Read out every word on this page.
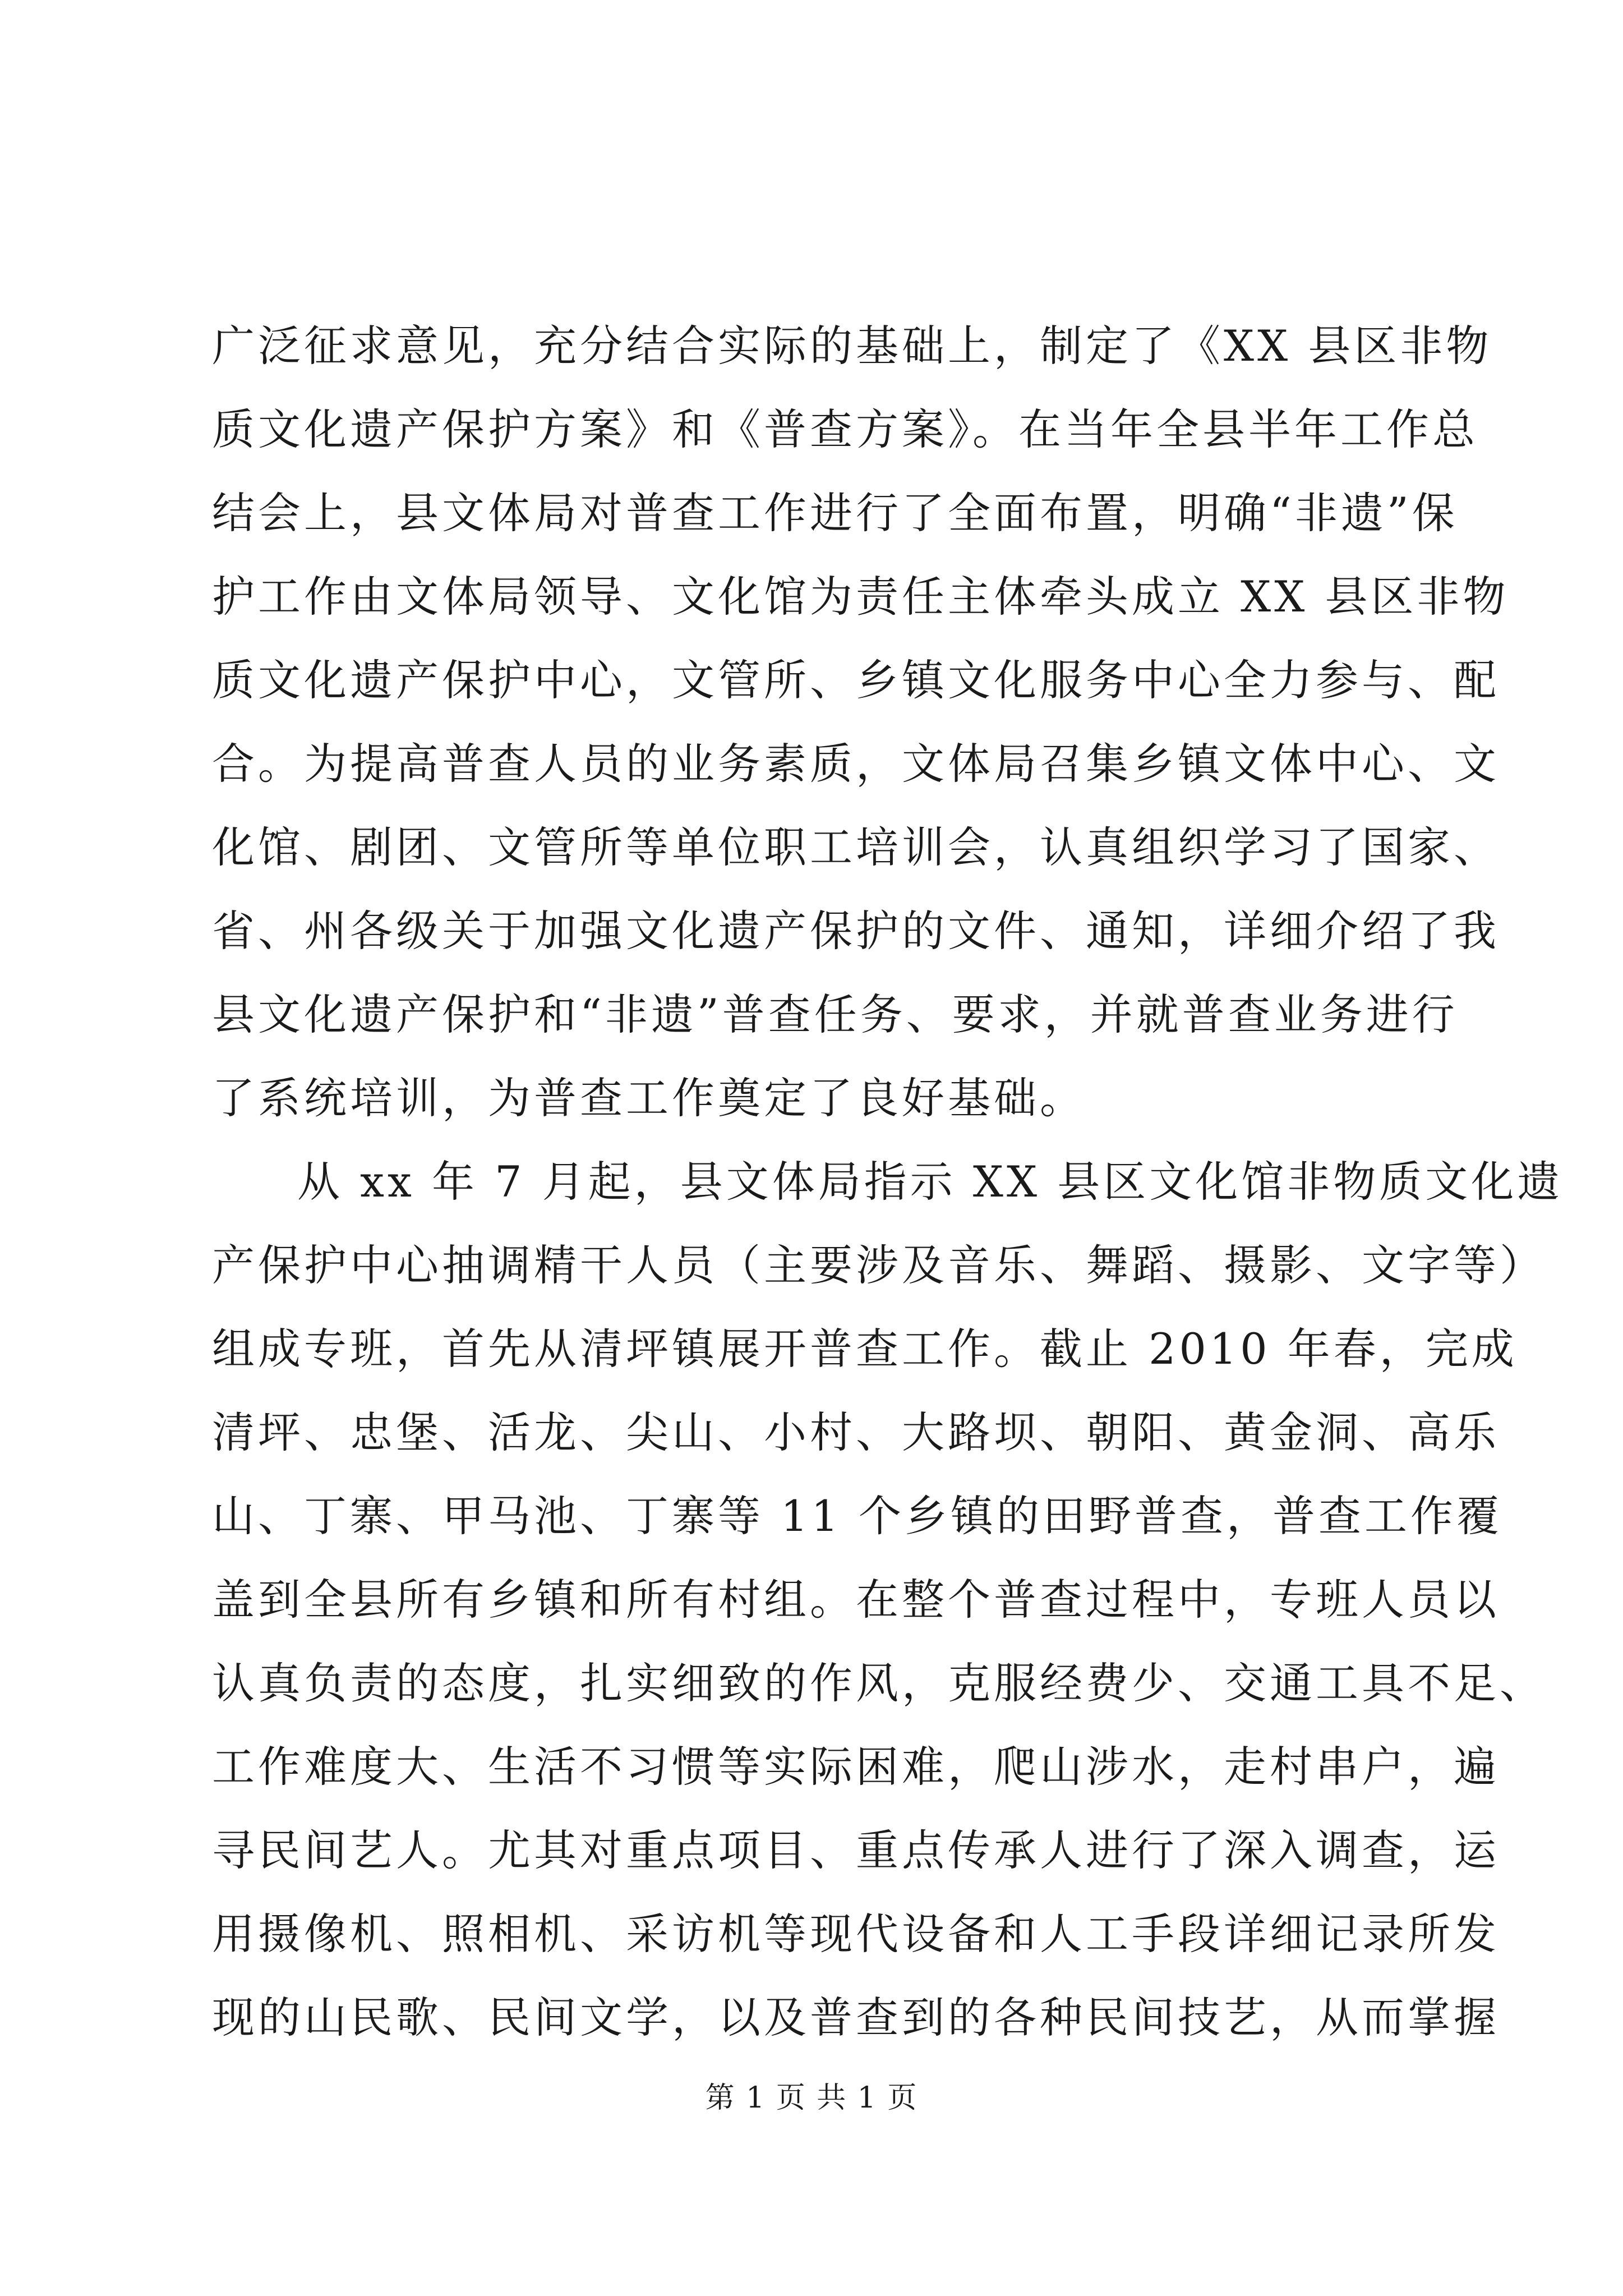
广泛征求意见，充分结合实际的基础上，制定了《XX 县区非物
质文化遗产保护方案》和《普查方案》。在当年全县半年工作总
结会上，县文体局对普查工作进行了全面布置，明确“非遗”保
护工作由文体局领导、文化馆为责任主体牵头成立 XX 县区非物
质文化遗产保护中心，文管所、乡镇文化服务中心全力参与、配
合。为提高普查人员的业务素质，文体局召集乡镇文体中心、文
化馆、剧团、文管所等单位职工培训会，认真组织学习了国家、
省、州各级关于加强文化遗产保护的文件、通知，详细介绍了我
县文化遗产保护和“非遗”普查任务、要求，并就普查业务进行
了系统培训，为普查工作奠定了良好基础。
从 xx 年 7 月起，县文体局指示 XX 县区文化馆非物质文化遗
产保护中心抽调精干人员（主要涉及音乐、舞蹈、摄影、文字等）
组成专班，首先从清坪镇展开普查工作。截止 2010 年春，完成
清坪、忠堡、活龙、尖山、小村、大路坝、朝阳、黄金洞、高乐
山、丁寨、甲马池、丁寨等 11 个乡镇的田野普查，普查工作覆
盖到全县所有乡镇和所有村组。在整个普查过程中，专班人员以
认真负责的态度，扎实细致的作风，克服经费少、交通工具不足、
工作难度大、生活不习惯等实际困难，爬山涉水，走村串户，遍
寻民间艺人。尤其对重点项目、重点传承人进行了深入调查，运
用摄像机、照相机、采访机等现代设备和人工手段详细记录所发
现的山民歌、民间文学，以及普查到的各种民间技艺，从而掌握
第 1 页 共 1 页
